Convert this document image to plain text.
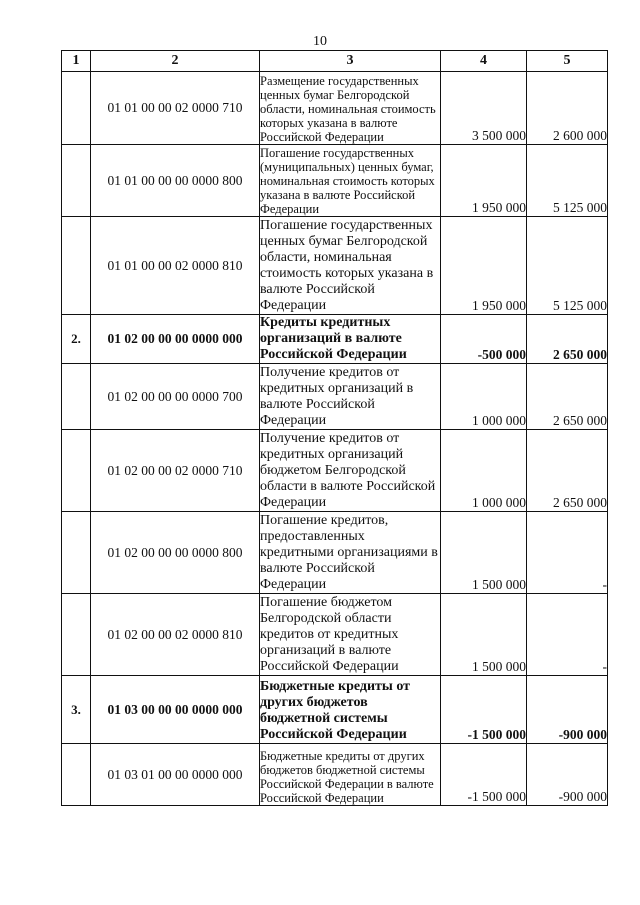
10
1	2	3	4	5
	01 01 00 00 02 0000 710	Размещение государственных ценных бумаг Белгородской области, номинальная стоимость которых указана в валюте Российской Федерации	3 500 000	2 600 000
	01 01 00 00 00 0000 800	Погашение государственных (муниципальных) ценных бумаг, номинальная стоимость которых указана в валюте Российской Федерации	1 950 000	5 125 000
	01 01 00 00 02 0000 810	Погашение государственных ценных бумаг Белгородской области, номинальная стоимость которых указана в валюте Российской Федерации	1 950 000	5 125 000
2.	01 02 00 00 00 0000 000	Кредиты кредитных организаций в валюте Российской Федерации	-500 000	2 650 000
	01 02 00 00 00 0000 700	Получение кредитов от кредитных организаций в валюте Российской Федерации	1 000 000	2 650 000
	01 02 00 00 02 0000 710	Получение кредитов от кредитных организаций бюджетом Белгородской области в валюте Российской Федерации	1 000 000	2 650 000
	01 02 00 00 00 0000 800	Погашение кредитов, предоставленных кредитными организациями в валюте Российской Федерации	1 500 000	-
	01 02 00 00 02 0000 810	Погашение бюджетом Белгородской области кредитов от кредитных организаций в валюте Российской Федерации	1 500 000	-
3.	01 03 00 00 00 0000 000	Бюджетные кредиты от других бюджетов бюджетной системы Российской Федерации	-1 500 000	-900 000
	01 03 01 00 00 0000 000	Бюджетные кредиты от других бюджетов бюджетной системы Российской Федерации в валюте Российской Федерации	-1 500 000	-900 000
